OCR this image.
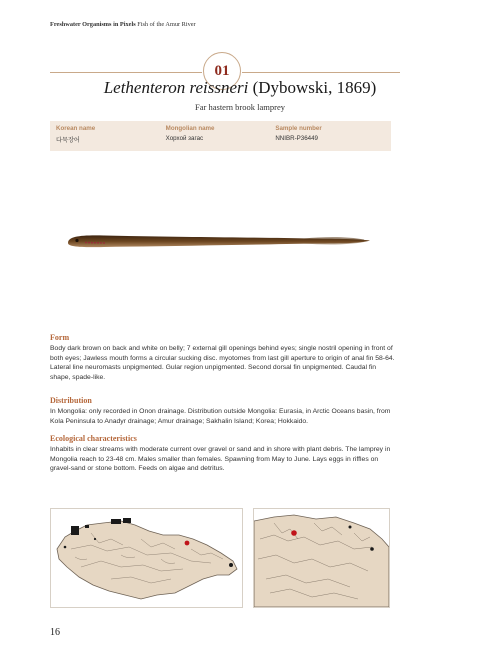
Freshwater Organisms in Pixels Fish of the Amur River
01
Lethenteron reissneri (Dybowski, 1869)
Far hastern brook lamprey
Korean name
다묵장어
Mongolian name
Хорхой загас
Sample number
NNIBR-P36449
Form
Body dark brown on back and white on belly; 7 external gill openings behind eyes; single nostril opening in front of both eyes; Jawless mouth forms a circular sucking disc. myotomes from last gill aperture to origin of anal fin 58-64. Lateral line neuromasts unpigmented. Gular region unpigmented. Second dorsal fin unpigmented. Caudal fin shape, spade-like.
Distribution
In Mongolia: only recorded in Onon drainage. Distribution outside Mongolia: Eurasia, in Arctic Oceans basin, from Kola Peninsula to Anadyr drainage; Amur drainage; Sakhalin Island; Korea; Hokkaido.
Ecological characteristics
Inhabits in clear streams with moderate current over gravel or sand and in shore with plant debris. The lamprey in Mongolia reach to 23-48 cm. Males smaller than females. Spawning from May to June. Lays eggs in riffles on gravel-sand or stone bottom. Feeds on algae and detritus.
16
